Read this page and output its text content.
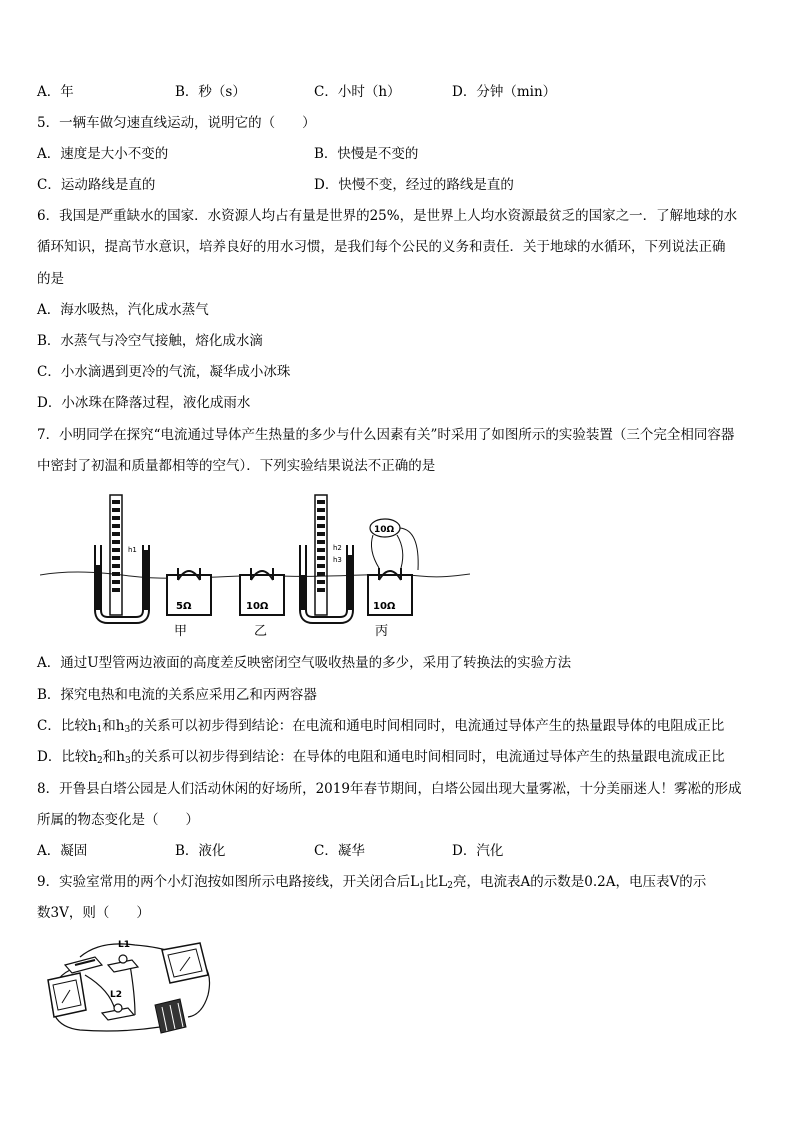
A．年	B．秒（s）	C．小时（h）	D．分钟（min）
5．一辆车做匀速直线运动，说明它的（　　）
A．速度是大小不变的	B．快慢是不变的
C．运动路线是直的	D．快慢不变，经过的路线是直的
6．我国是严重缺水的国家．水资源人均占有量是世界的25%，是世界上人均水资源最贫乏的国家之一．了解地球的水
循环知识，提高节水意识，培养良好的用水习惯，是我们每个公民的义务和责任．关于地球的水循环，下列说法正确
的是
A．海水吸热，汽化成水蒸气
B．水蒸气与冷空气接触，熔化成水滴
C．小水滴遇到更冷的气流，凝华成小冰珠
D．小冰珠在降落过程，液化成雨水
7．小明同学在探究“电流通过导体产生热量的多少与什么因素有关”时采用了如图所示的实验装置（三个完全相同容器
中密封了初温和质量都相等的空气）．下列实验结果说法不正确的是
h1
5Ω	10Ω
h2
h3
10Ω
10Ω
甲	乙	丙
A．通过U型管两边液面的高度差反映密闭空气吸收热量的多少，采用了转换法的实验方法
B．探究电热和电流的关系应采用乙和丙两容器
C．比较$h_1$和$h_3$的关系可以初步得到结论：在电流和通电时间相同时，电流通过导体产生的热量跟导体的电阻成正比
D．比较$h_2$和$h_3$的关系可以初步得到结论：在导体的电阻和通电时间相同时，电流通过导体产生的热量跟电流成正比
8．开鲁县白塔公园是人们活动休闲的好场所，2019年春节期间，白塔公园出现大量雾凇，十分美丽迷人！雾凇的形成
所属的物态变化是（　　）
A．凝固	B．液化	C．凝华	D．汽化
9．实验室常用的两个小灯泡按如图所示电路接线，开关闭合后$L_1$比$L_2$亮，电流表A的示数是0.2A，电压表V的示
数3V，则（　　）
L1
L2
